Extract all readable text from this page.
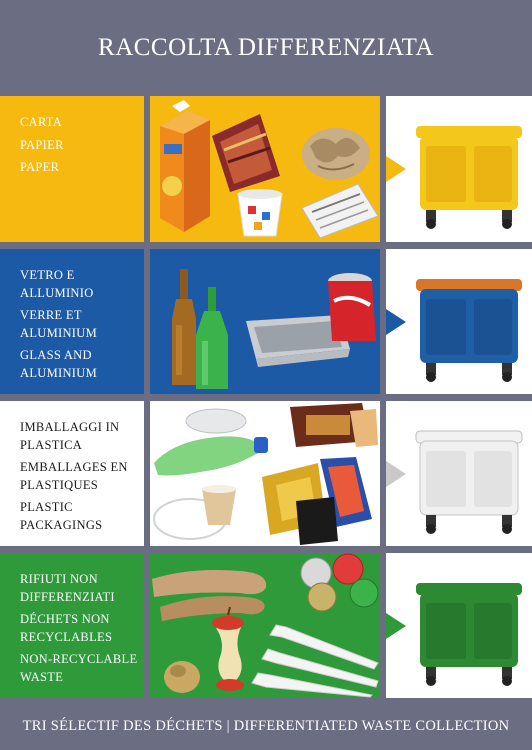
RACCOLTA DIFFERENZIATA
CARTA
PAPIER
PAPER
VETRO E
ALLUMINIO
VERRE ET
ALUMINIUM
GLASS AND
ALUMINIUM
IMBALLAGGI IN
PLASTICA
EMBALLAGES EN
PLASTIQUES
PLASTIC
PACKAGINGS
RIFIUTI NON
DIFFERENZIATI
DÉCHETS NON
RECYCLABLES
NON-RECYCLABLE
WASTE
TRI SÉLECTIF DES DÉCHETS | DIFFERENTIATED WASTE COLLECTION
